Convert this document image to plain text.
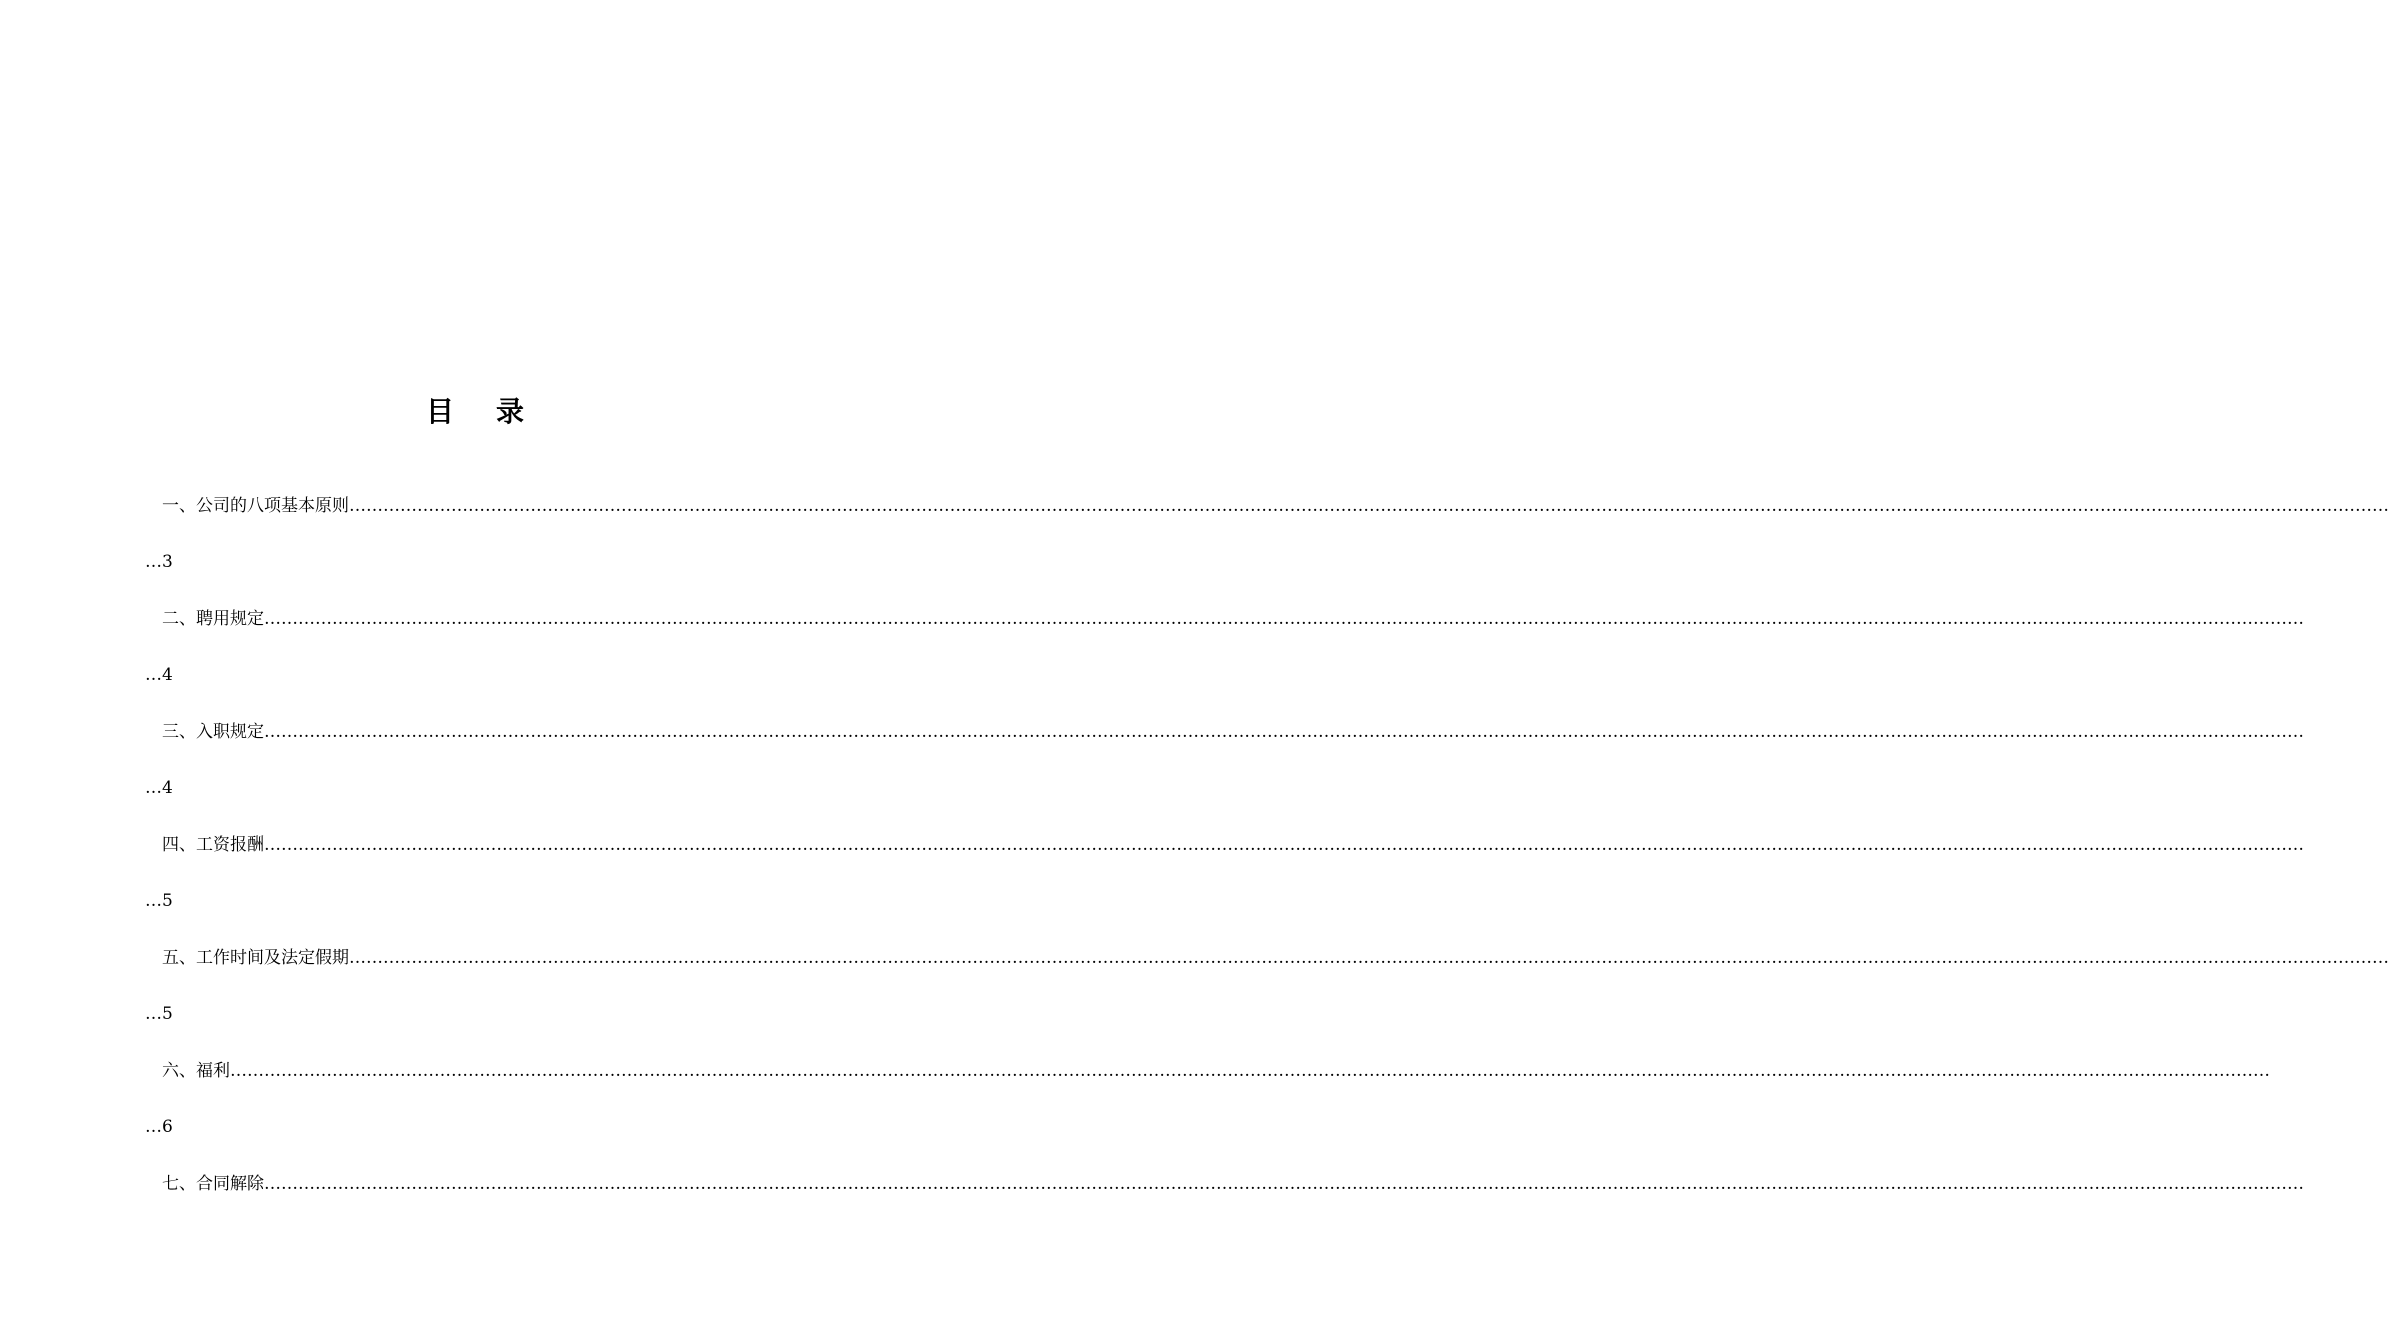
目 录
一、公司的八项基本原则………………………………………………………………………………………………………………………………………………………………………………………………………………………………………………………………………………………………………………………………
…3
二、聘用规定………………………………………………………………………………………………………………………………………………………………………………………………………………………………………………………………………………………………………………………………
…4
三、入职规定………………………………………………………………………………………………………………………………………………………………………………………………………………………………………………………………………………………………………………………………
…4
四、工资报酬………………………………………………………………………………………………………………………………………………………………………………………………………………………………………………………………………………………………………………………………
…5
五、工作时间及法定假期………………………………………………………………………………………………………………………………………………………………………………………………………………………………………………………………………………………………………………………………
…5
六、福利………………………………………………………………………………………………………………………………………………………………………………………………………………………………………………………………………………………………………………………………
…6
七、合同解除………………………………………………………………………………………………………………………………………………………………………………………………………………………………………………………………………………………………………………………………
